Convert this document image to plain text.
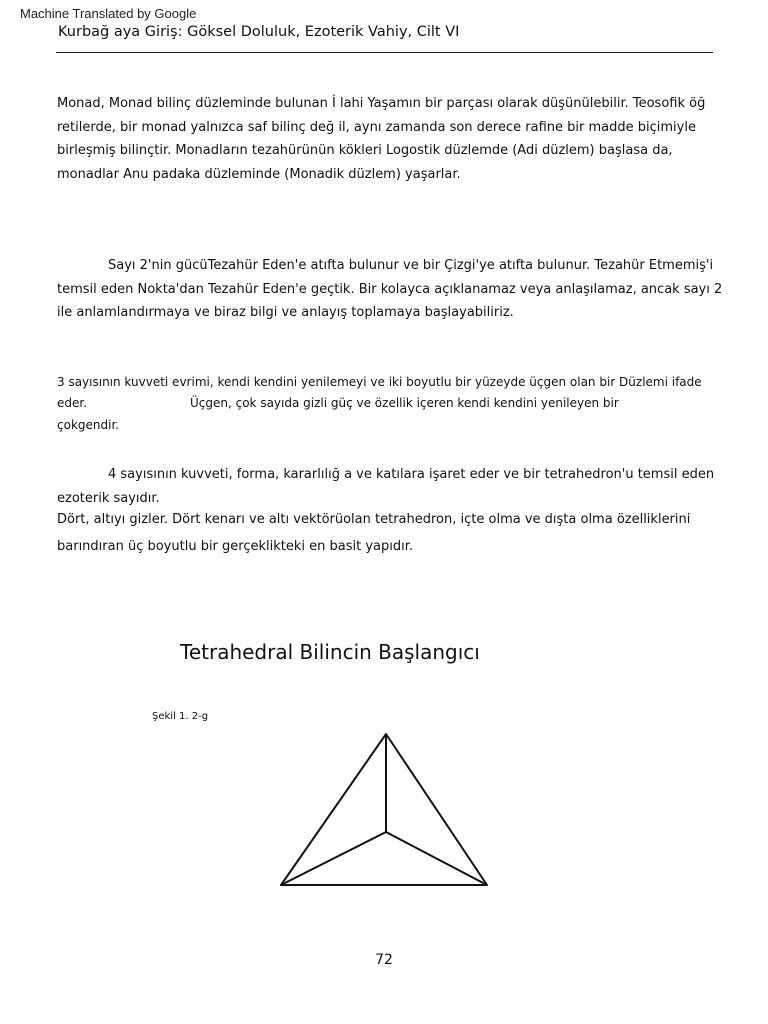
Machine Translated by Google
Kurbağ aya Giriş: Göksel Doluluk, Ezoterik Vahiy, Cilt VI

Monad, Monad bilinç düzleminde bulunan İ lahi Yaşamın bir parçası olarak düşünülebilir. Teosofik öğ retilerde, bir monad yalnızca saf bilinç değ il, aynı zamanda son derece rafine bir madde biçimiyle birleşmiş bilinçtir. Monadların tezahürünün kökleri Logostik düzlemde (Adi düzlem) başlasa da, monadlar Anu padaka düzleminde (Monadik düzlem) yaşarlar.

Sayı 2'nin gücüTezahür Eden'e atıfta bulunur ve bir Çizgi'ye atıfta bulunur. Tezahür Etmemiş'i temsil eden Nokta'dan Tezahür Eden'e geçtik. Bir kolayca açıklanamaz veya anlaşılamaz, ancak sayı 2 ile anlamlandırmaya ve biraz bilgi ve anlayış toplamaya başlayabiliriz.

3 sayısının kuvveti evrimi, kendi kendini yenilemeyi ve iki boyutlu bir yüzeyde üçgen olan bir Düzlemi ifade eder.	Üçgen, çok sayıda gizli güç ve özellik içeren kendi kendini yenileyen bir

çokgendir.

4 sayısının kuvveti, forma, kararlılığ a ve katılara işaret eder ve bir tetrahedron'u temsil eden ezoterik sayıdır.

Dört, altıyı gizler. Dört kenarı ve altı vektörüolan tetrahedron, içte olma ve dışta olma özelliklerini barındıran üç boyutlu bir gerçeklikteki en basit yapıdır.

Tetrahedral Bilincin Başlangıcı
Şekil 1. 2-g
72
